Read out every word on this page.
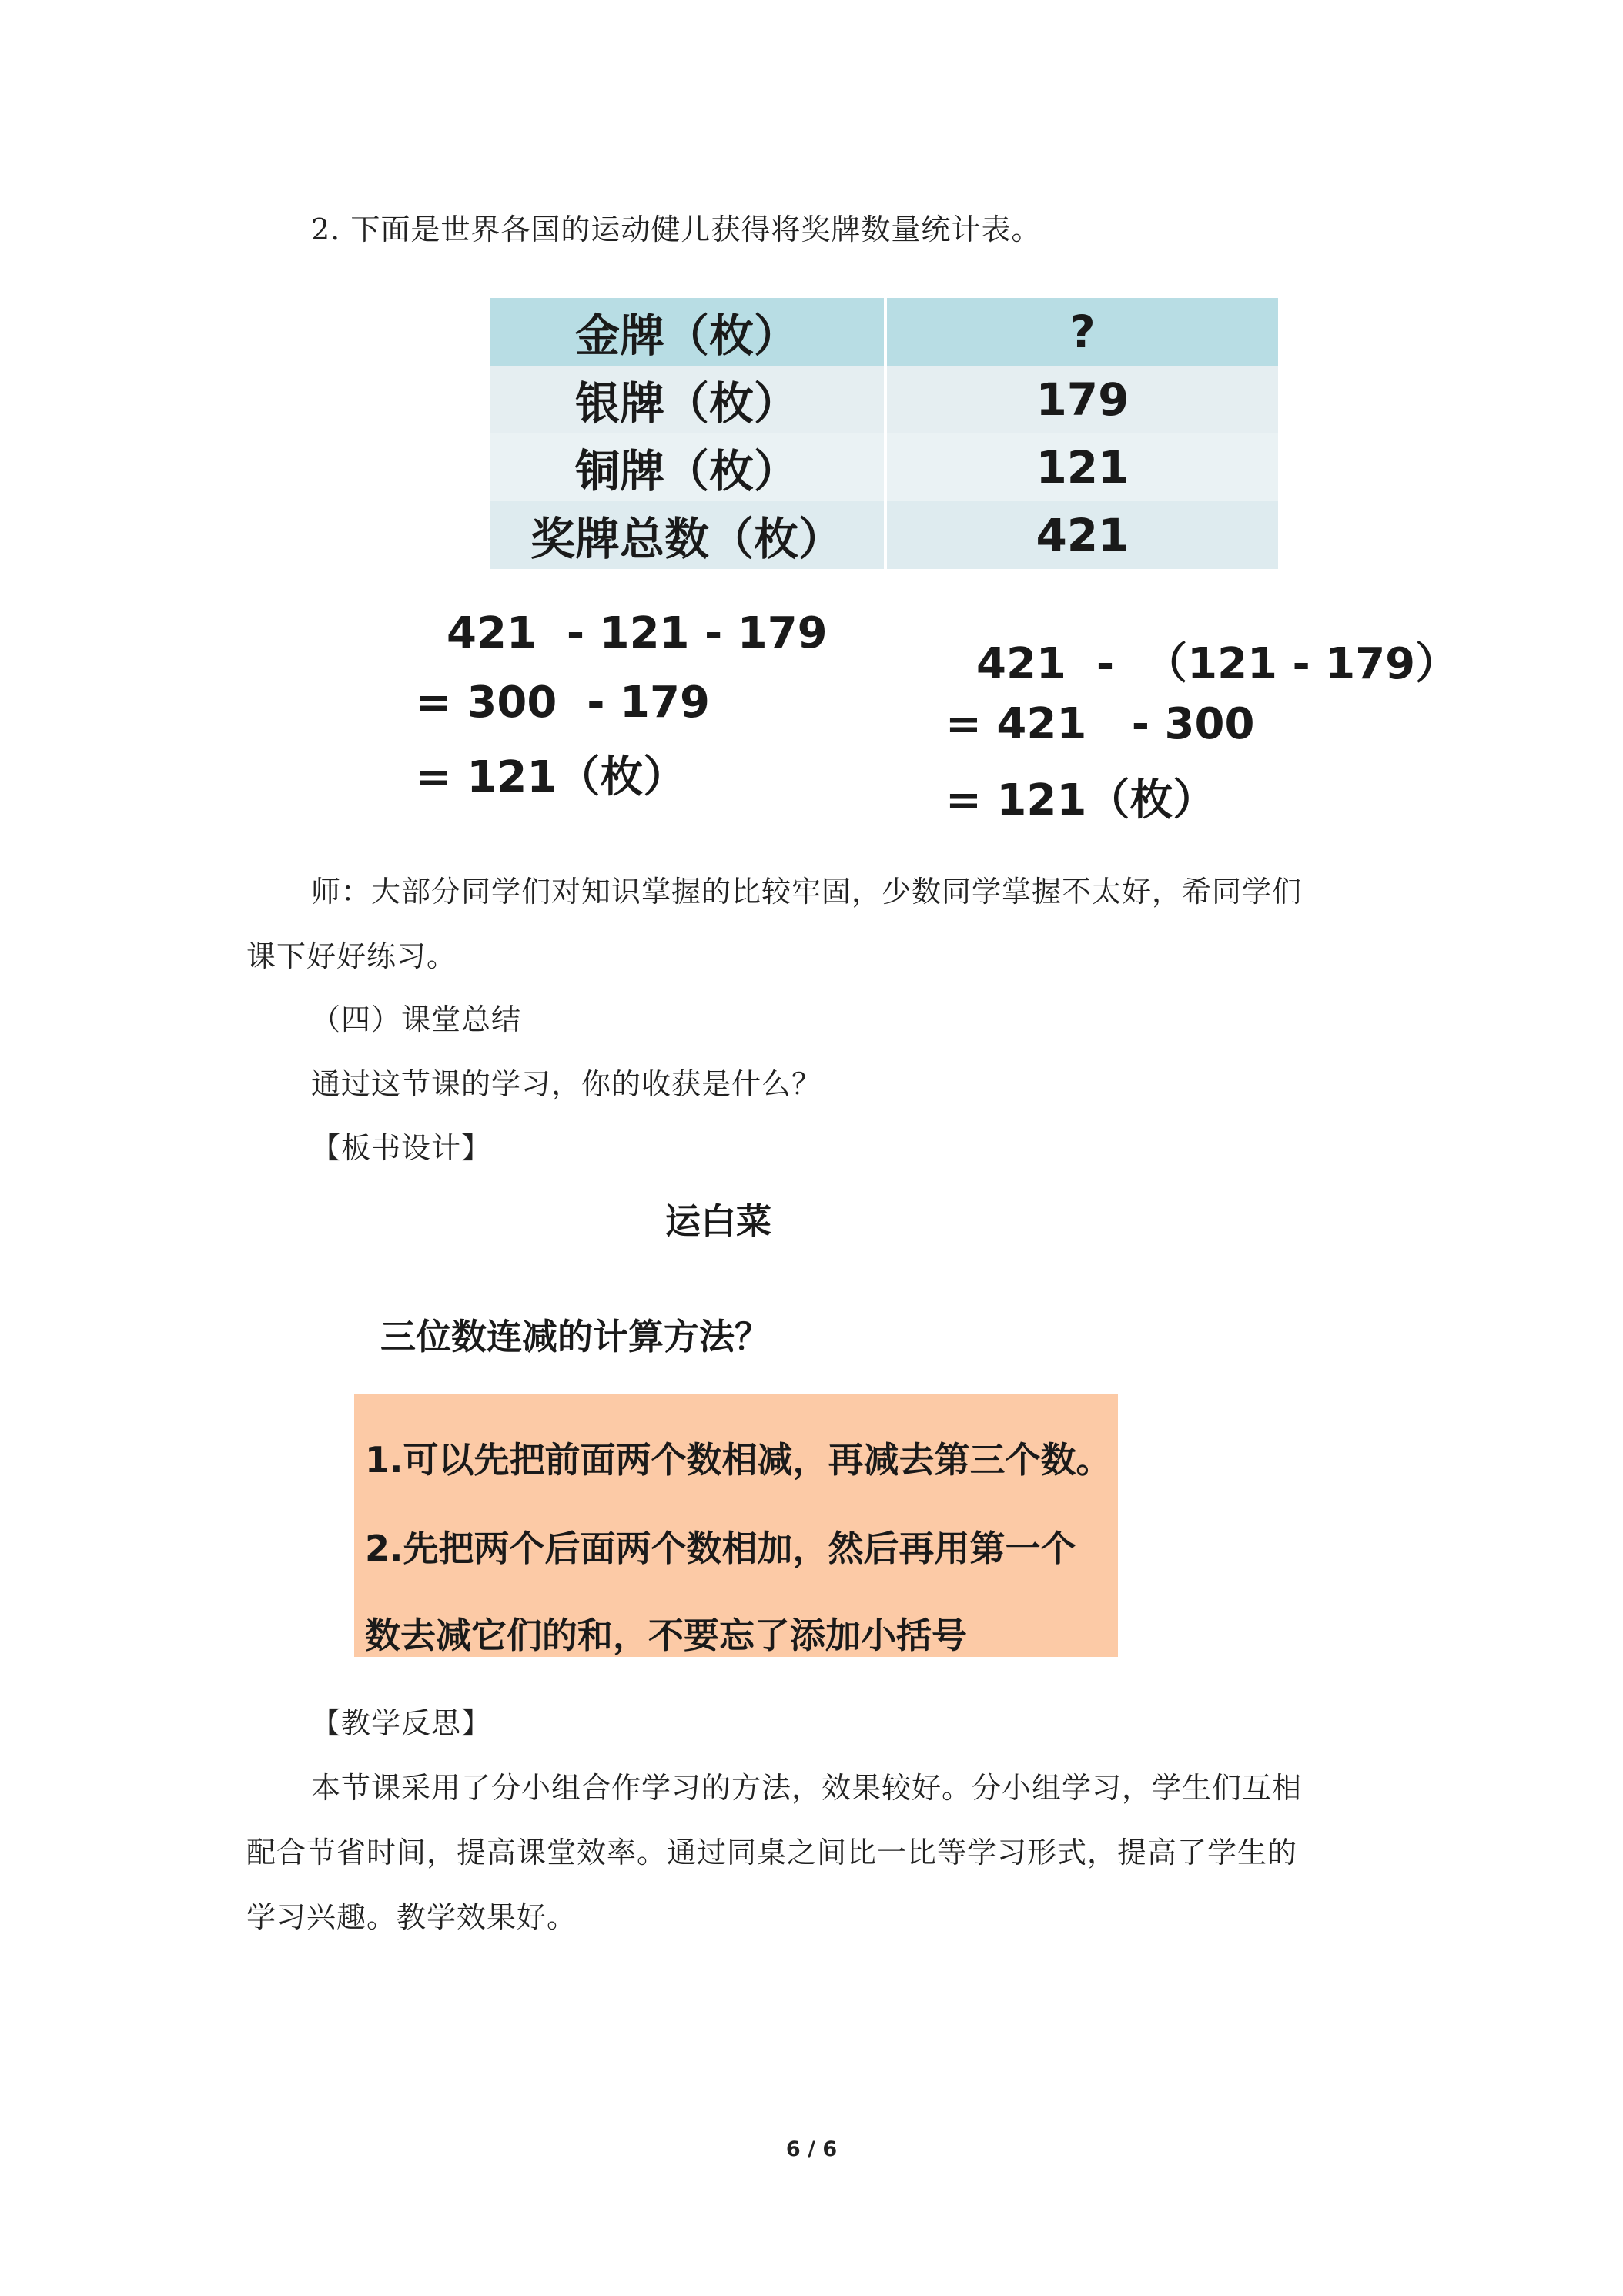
2. 下面是世界各国的运动健儿获得将奖牌数量统计表。
金牌（枚）	?
银牌（枚）	179
铜牌（枚）	121
奖牌总数（枚）	421
421  - 121 - 179
= 300  - 179
= 121（枚）
421  -  （121 - 179）
= 421   - 300
= 121（枚）
师：大部分同学们对知识掌握的比较牢固，少数同学掌握不太好，希同学们
课下好好练习。
（四）课堂总结
通过这节课的学习，你的收获是什么？
【板书设计】
运白菜
三位数连减的计算方法？
1.可以先把前面两个数相减，再减去第三个数。
2.先把两个后面两个数相加，然后再用第一个
数去减它们的和，不要忘了添加小括号
【教学反思】
本节课采用了分小组合作学习的方法，效果较好。分小组学习，学生们互相
配合节省时间，提高课堂效率。通过同桌之间比一比等学习形式，提高了学生的
学习兴趣。教学效果好。
6 / 6
